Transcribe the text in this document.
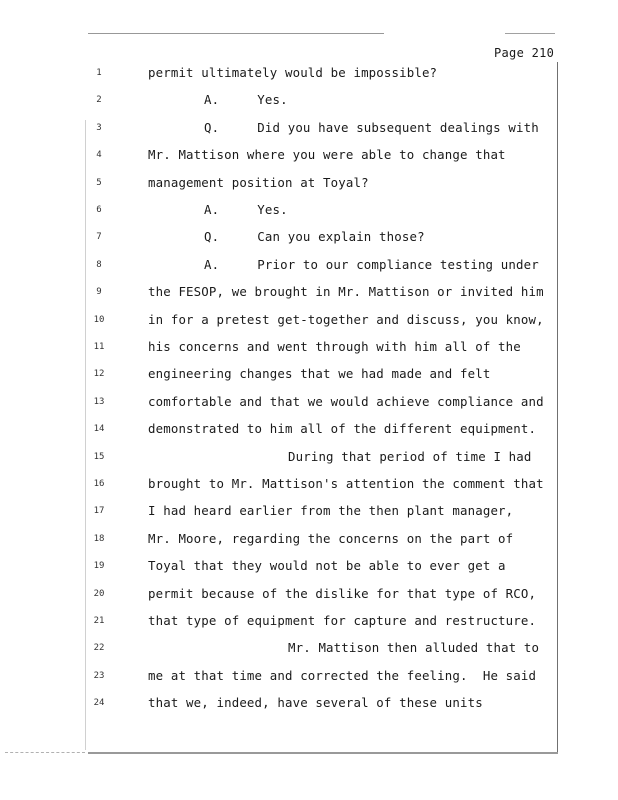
Page 210
1	permit ultimately would be impossible?
2	A.     Yes.
3	Q.     Did you have subsequent dealings with
4	Mr. Mattison where you were able to change that
5	management position at Toyal?
6	A.     Yes.
7	Q.     Can you explain those?
8	A.     Prior to our compliance testing under
9	the FESOP, we brought in Mr. Mattison or invited him
10	in for a pretest get-together and discuss, you know,
11	his concerns and went through with him all of the
12	engineering changes that we had made and felt
13	comfortable and that we would achieve compliance and
14	demonstrated to him all of the different equipment.
15	During that period of time I had
16	brought to Mr. Mattison's attention the comment that
17	I had heard earlier from the then plant manager,
18	Mr. Moore, regarding the concerns on the part of
19	Toyal that they would not be able to ever get a
20	permit because of the dislike for that type of RCO,
21	that type of equipment for capture and restructure.
22	Mr. Mattison then alluded that to
23	me at that time and corrected the feeling.  He said
24	that we, indeed, have several of these units
